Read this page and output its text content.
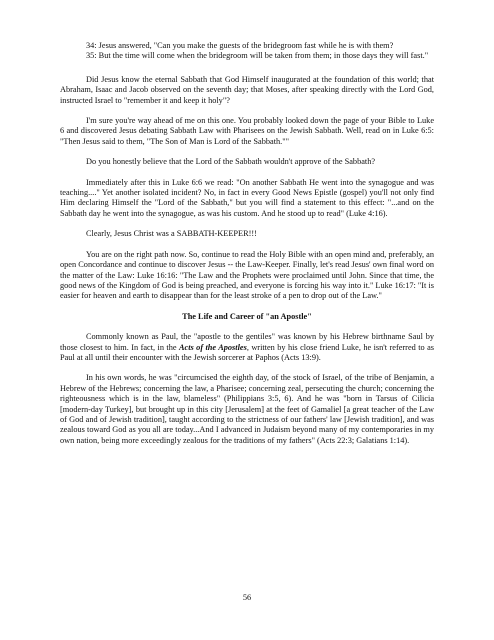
34: Jesus answered, "Can you make the guests of the bridegroom fast while he is with them?

35: But the time will come when the bridegroom will be taken from them; in those days they will fast."

Did Jesus know the eternal Sabbath that God Himself inaugurated at the foundation of this world; that Abraham, Isaac and Jacob observed on the seventh day; that Moses, after speaking directly with the Lord God, instructed Israel to "remember it and keep it holy"?

I'm sure you're way ahead of me on this one. You probably looked down the page of your Bible to Luke 6 and discovered Jesus debating Sabbath Law with Pharisees on the Jewish Sabbath. Well, read on in Luke 6:5: "Then Jesus said to them, "The Son of Man is Lord of the Sabbath.""

Do you honestly believe that the Lord of the Sabbath wouldn't approve of the Sabbath?

Immediately after this in Luke 6:6 we read: "On another Sabbath He went into the synagogue and was teaching...." Yet another isolated incident? No, in fact in every Good News Epistle (gospel) you'll not only find Him declaring Himself the "Lord of the Sabbath," but you will find a statement to this effect: "...and on the Sabbath day he went into the synagogue, as was his custom. And he stood up to read" (Luke 4:16).

Clearly, Jesus Christ was a SABBATH-KEEPER!!!

You are on the right path now. So, continue to read the Holy Bible with an open mind and, preferably, an open Concordance and continue to discover Jesus -- the Law-Keeper. Finally, let's read Jesus' own final word on the matter of the Law: Luke 16:16: "The Law and the Prophets were proclaimed until John. Since that time, the good news of the Kingdom of God is being preached, and everyone is forcing his way into it." Luke 16:17: "It is easier for heaven and earth to disappear than for the least stroke of a pen to drop out of the Law."

The Life and Career of "an Apostle"

Commonly known as Paul, the "apostle to the gentiles" was known by his Hebrew birthname Saul by those closest to him. In fact, in the Acts of the Apostles, written by his close friend Luke, he isn't referred to as Paul at all until their encounter with the Jewish sorcerer at Paphos (Acts 13:9).

In his own words, he was "circumcised the eighth day, of the stock of Israel, of the tribe of Benjamin, a Hebrew of the Hebrews; concerning the law, a Pharisee; concerning zeal, persecuting the church; concerning the righteousness which is in the law, blameless" (Philippians 3:5, 6). And he was "born in Tarsus of Cilicia [modern-day Turkey], but brought up in this city [Jerusalem] at the feet of Gamaliel [a great teacher of the Law of God and of Jewish tradition], taught according to the strictness of our fathers' law [Jewish tradition], and was zealous toward God as you all are today...And I advanced in Judaism beyond many of my contemporaries in my own nation, being more exceedingly zealous for the traditions of my fathers" (Acts 22:3; Galatians 1:14).

56
